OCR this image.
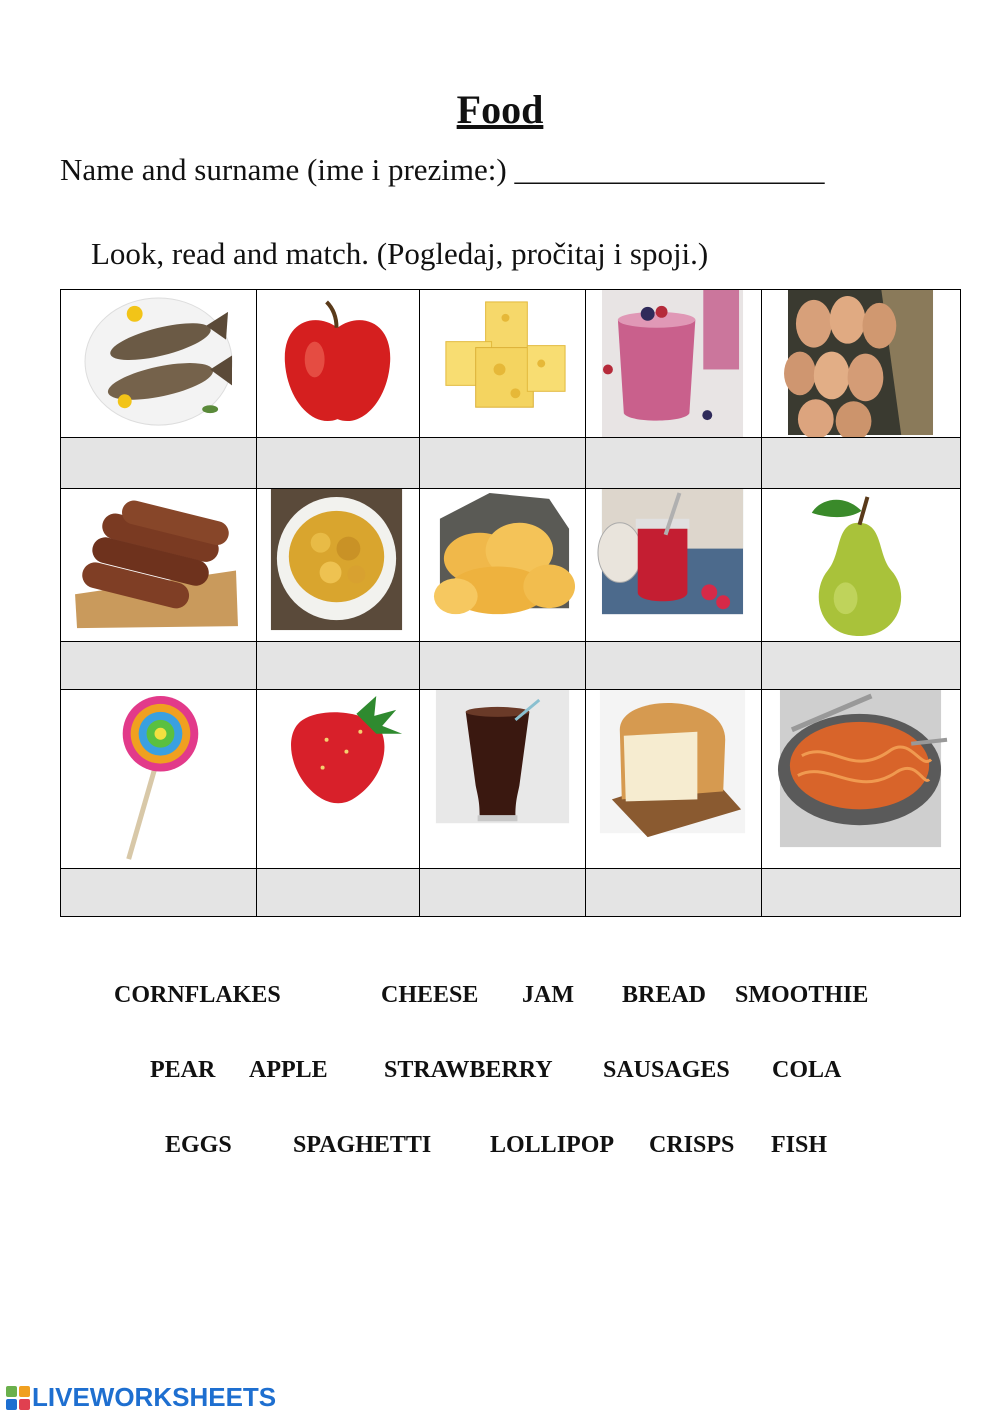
Food
Name and surname (ime i prezime:) ____________________
Look, read and match. (Pogledaj, pročitaj i spoji.)

CORNFLAKES	CHEESE JAM BREAD SMOOTHIE
PEAR APPLE STRAWBERRY SAUSAGES COLA
EGGS	SPAGHETTI LOLLIPOP CRISPS FISH
LIVEWORKSHEETS
